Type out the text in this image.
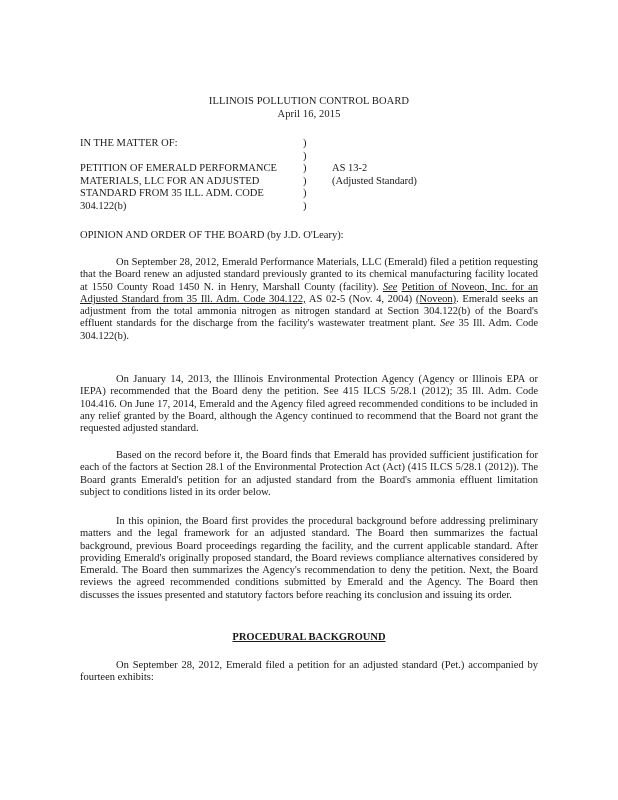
ILLINOIS POLLUTION CONTROL BOARD
April 16, 2015
IN THE MATTER OF:
PETITION OF EMERALD PERFORMANCE
MATERIALS, LLC FOR AN ADJUSTED
STANDARD FROM 35 ILL. ADM. CODE
304.122(b)
)
)
)
)
)
)
AS 13-2
(Adjusted Standard)
OPINION AND ORDER OF THE BOARD (by J.D. O'Leary):
On September 28, 2012, Emerald Performance Materials, LLC (Emerald) filed a petition requesting that the Board renew an adjusted standard previously granted to its chemical manufacturing facility located at 1550 County Road 1450 N. in Henry, Marshall County (facility). See Petition of Noveon, Inc. for an Adjusted Standard from 35 Ill. Adm. Code 304.122, AS 02-5 (Nov. 4, 2004) (Noveon). Emerald seeks an adjustment from the total ammonia nitrogen as nitrogen standard at Section 304.122(b) of the Board's effluent standards for the discharge from the facility's wastewater treatment plant. See 35 Ill. Adm. Code 304.122(b).
On January 14, 2013, the Illinois Environmental Protection Agency (Agency or Illinois EPA or IEPA) recommended that the Board deny the petition. See 415 ILCS 5/28.1 (2012); 35 Ill. Adm. Code 104.416. On June 17, 2014, Emerald and the Agency filed agreed recommended conditions to be included in any relief granted by the Board, although the Agency continued to recommend that the Board not grant the requested adjusted standard.
Based on the record before it, the Board finds that Emerald has provided sufficient justification for each of the factors at Section 28.1 of the Environmental Protection Act (Act) (415 ILCS 5/28.1 (2012)). The Board grants Emerald's petition for an adjusted standard from the Board's ammonia effluent limitation subject to conditions listed in its order below.
In this opinion, the Board first provides the procedural background before addressing preliminary matters and the legal framework for an adjusted standard. The Board then summarizes the factual background, previous Board proceedings regarding the facility, and the current applicable standard. After providing Emerald's originally proposed standard, the Board reviews compliance alternatives considered by Emerald. The Board then summarizes the Agency's recommendation to deny the petition. Next, the Board reviews the agreed recommended conditions submitted by Emerald and the Agency. The Board then discusses the issues presented and statutory factors before reaching its conclusion and issuing its order.
PROCEDURAL BACKGROUND
On September 28, 2012, Emerald filed a petition for an adjusted standard (Pet.) accompanied by fourteen exhibits:
